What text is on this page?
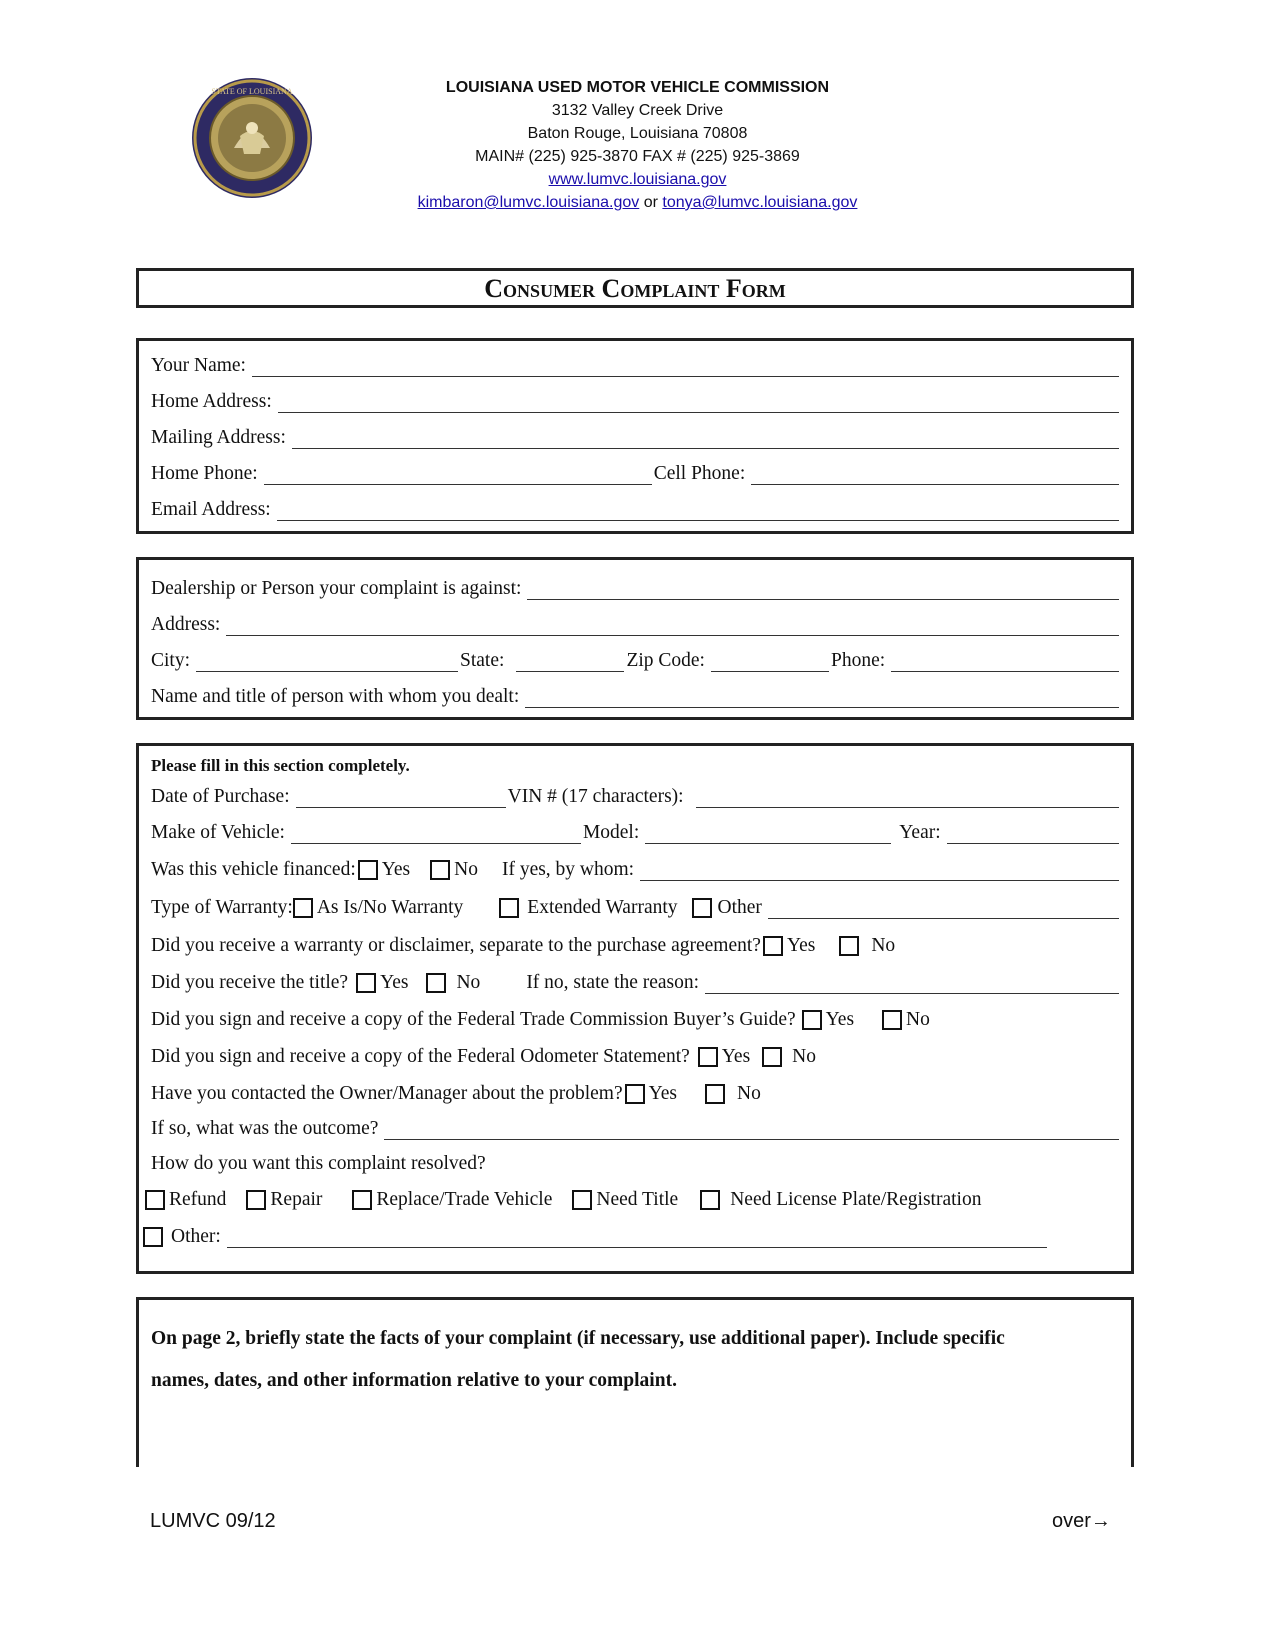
STATE OF LOUISIANA	LOUISIANA USED MOTOR VEHICLE COMMISSION
3132 Valley Creek Drive
Baton Rouge, Louisiana 70808
MAIN# (225) 925-3870 FAX # (225) 925-3869
www.lumvc.louisiana.gov
kimbaron@lumvc.louisiana.gov or tonya@lumvc.louisiana.gov
Consumer Complaint Form
Your Name:
Home Address:
Mailing Address:
Home Phone:	Cell Phone:
Email Address:
Dealership or Person your complaint is against:
Address:
City:	State:	Zip Code:	Phone:
Name and title of person with whom you dealt:
Please fill in this section completely.
Date of Purchase:	VIN # (17 characters):
Make of Vehicle:	Model:	Year:
Was this vehicle financed: Yes No If yes, by whom:
Type of Warranty: As Is/No Warranty	Extended Warranty Other
Did you receive a warranty or disclaimer, separate to the purchase agreement? Yes	No
Did you receive the title? Yes No If no, state the reason:
Did you sign and receive a copy of the Federal Trade Commission Buyer’s Guide? Yes	No
Did you sign and receive a copy of the Federal Odometer Statement? Yes No
Have you contacted the Owner/Manager about the problem? Yes	No
If so, what was the outcome?
How do you want this complaint resolved?
Refund Repair	Replace/Trade Vehicle Need Title	Need License Plate/Registration
Other:
On page 2, briefly state the facts of your complaint (if necessary, use additional paper). Include specific
names, dates, and other information relative to your complaint.
LUMVC 09/12	over→
